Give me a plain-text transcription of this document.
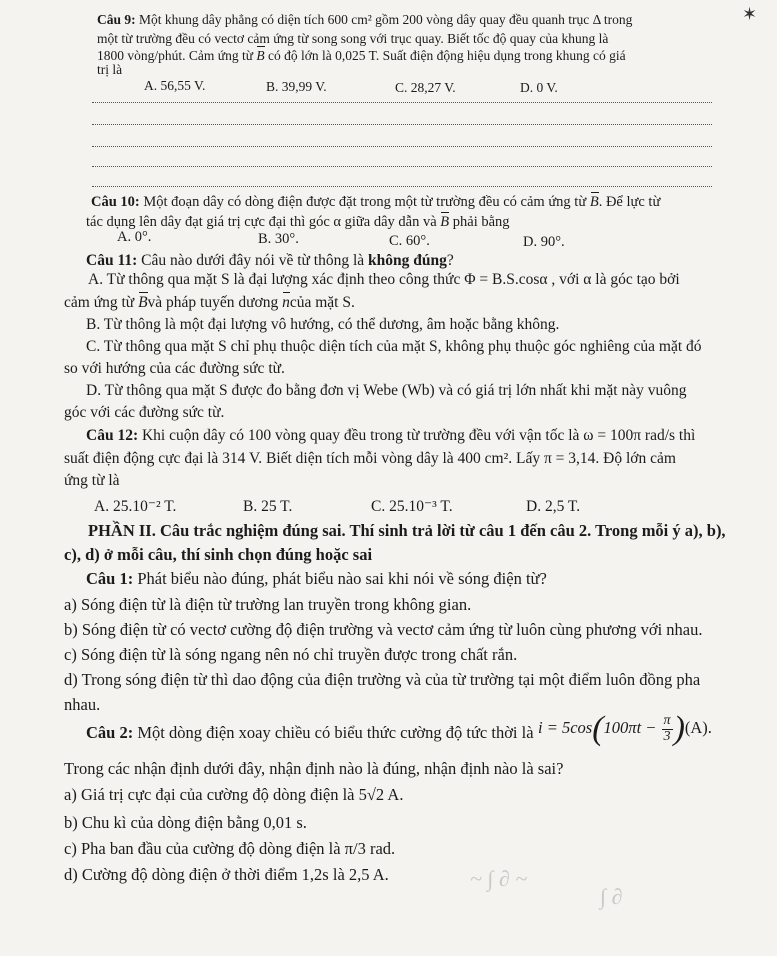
Câu 9: Một khung dây phẳng có diện tích 600 cm² gồm 200 vòng dây quay đều quanh trục Δ trong
một từ trường đều có vectơ cảm ứng từ song song với trục quay. Biết tốc độ quay của khung là
1800 vòng/phút. Cảm ứng từ B có độ lớn là 0,025 T. Suất điện động hiệu dụng trong khung có giá
trị là
A. 56,55 V.	B. 39,99 V.	C. 28,27 V.	D. 0 V.
✶
Câu 10: Một đoạn dây có dòng điện được đặt trong một từ trường đều có cảm ứng từ B. Để lực từ
tác dụng lên dây đạt giá trị cực đại thì góc α giữa dây dẫn và B phải bằng
A. 0°.	B. 30°.	C. 60°.	D. 90°.
Câu 11: Câu nào dưới đây nói về từ thông là không đúng?
A. Từ thông qua mặt S là đại lượng xác định theo công thức Φ = B.S.cosα , với α là góc tạo bởi
cảm ứng từ Bvà pháp tuyến dương ncủa mặt S.
B. Từ thông là một đại lượng vô hướng, có thể dương, âm hoặc bằng không.
C. Từ thông qua mặt S chỉ phụ thuộc diện tích của mặt S, không phụ thuộc góc nghiêng của mặt đó
so với hướng của các đường sức từ.
D. Từ thông qua mặt S được đo bằng đơn vị Webe (Wb) và có giá trị lớn nhất khi mặt này vuông
góc với các đường sức từ.
Câu 12: Khi cuộn dây có 100 vòng quay đều trong từ trường đều với vận tốc là ω = 100π rad/s thì
suất điện động cực đại là 314 V. Biết diện tích mỗi vòng dây là 400 cm². Lấy π = 3,14. Độ lớn cảm
ứng từ là
A. 25.10⁻² T.	B. 25 T.	C. 25.10⁻³ T.	D. 2,5 T.
PHẦN II. Câu trắc nghiệm đúng sai. Thí sinh trả lời từ câu 1 đến câu 2. Trong mỗi ý a), b),
c), d) ở mỗi câu, thí sinh chọn đúng hoặc sai
Câu 1: Phát biểu nào đúng, phát biểu nào sai khi nói về sóng điện từ?
a) Sóng điện từ là điện từ trường lan truyền trong không gian.
b) Sóng điện từ có vectơ cường độ điện trường và vectơ cảm ứng từ luôn cùng phương với nhau.
c) Sóng điện từ là sóng ngang nên nó chỉ truyền được trong chất rắn.
d) Trong sóng điện từ thì dao động của điện trường và của từ trường tại một điểm luôn đồng pha
nhau.
Câu 2: Một dòng điện xoay chiều có biểu thức cường độ tức thời là $i = 5\cos(100\pi t - \frac{\pi}{3} )(A)$.
Trong các nhận định dưới đây, nhận định nào là đúng, nhận định nào là sai?
a) Giá trị cực đại của cường độ dòng điện là 5√2 A.
b) Chu kì của dòng điện bằng 0,01 s.
c) Pha ban đầu của cường độ dòng điện là π/3 rad.
d) Cường độ dòng điện ở thời điểm 1,2s là 2,5 A.	~ ∫ ∂ ~
∫ ∂
